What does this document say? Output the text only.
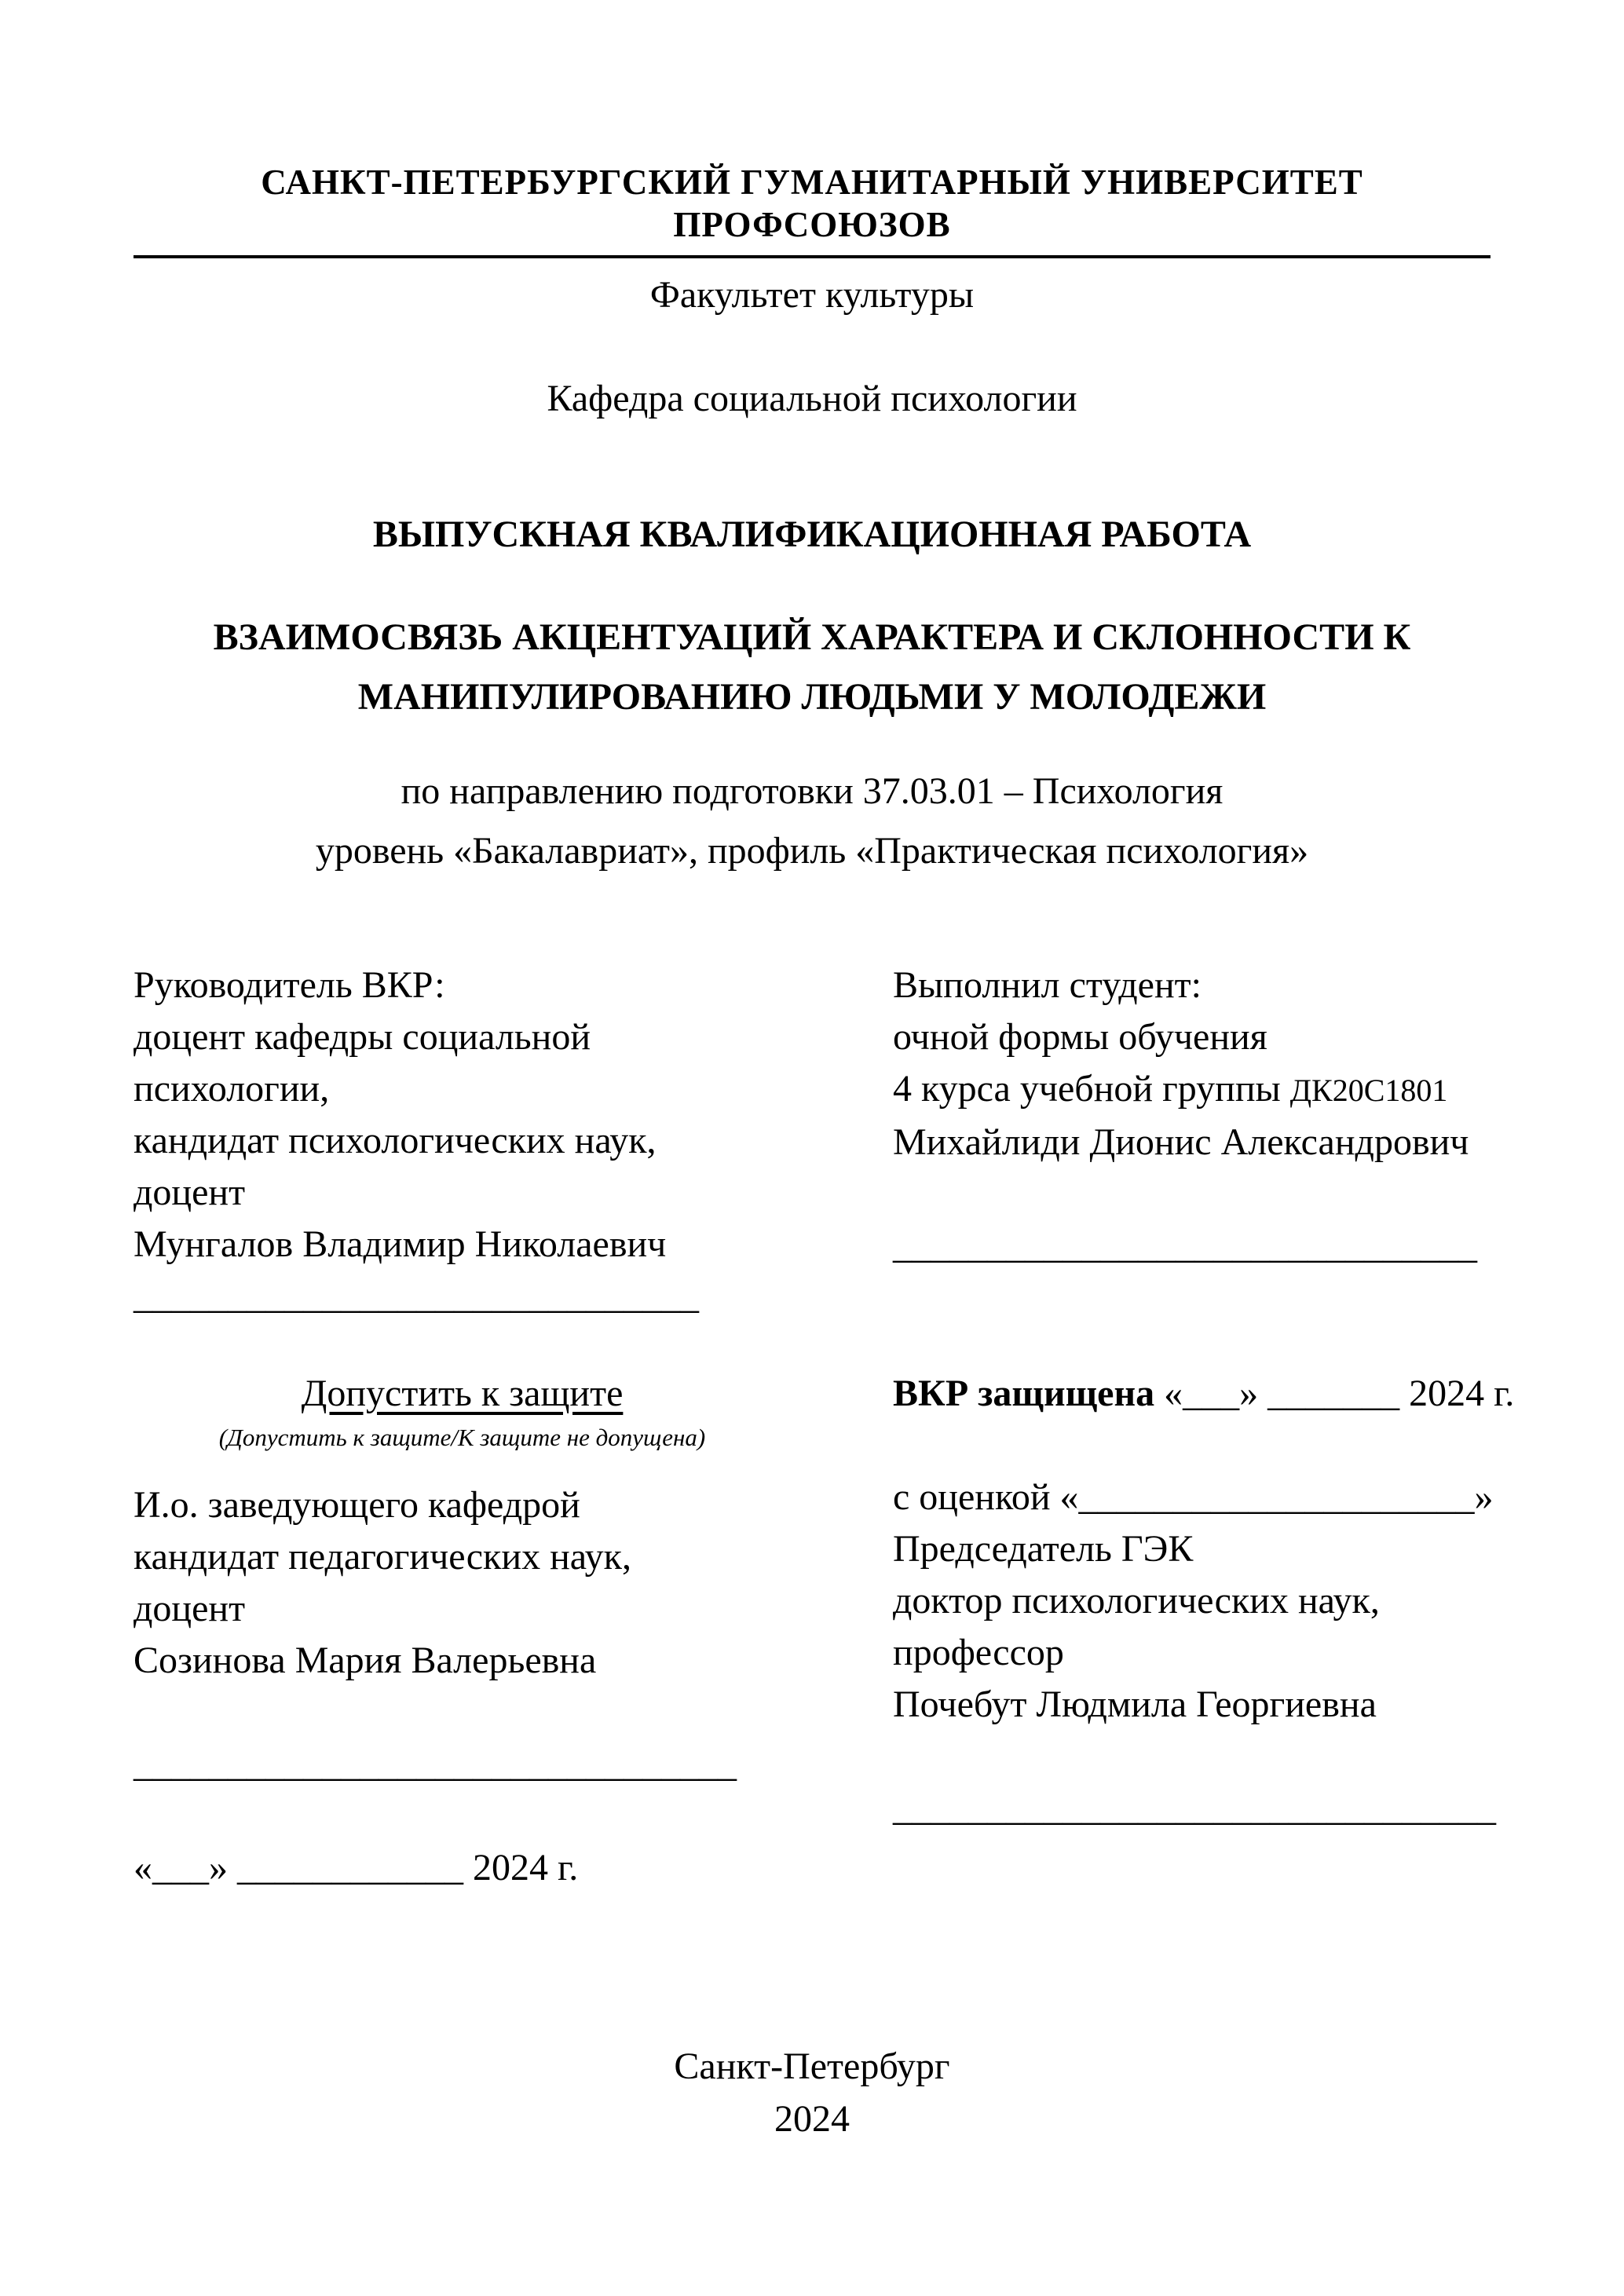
САНКТ-ПЕТЕРБУРГСКИЙ ГУМАНИТАРНЫЙ УНИВЕРСИТЕТ ПРОФСОЮЗОВ
Факультет культуры
Кафедра социальной психологии
ВЫПУСКНАЯ КВАЛИФИКАЦИОННАЯ РАБОТА
ВЗАИМОСВЯЗЬ АКЦЕНТУАЦИЙ ХАРАКТЕРА И СКЛОННОСТИ К
МАНИПУЛИРОВАНИЮ ЛЮДЬМИ У МОЛОДЕЖИ
по направлению подготовки 37.03.01 – Психология
уровень «Бакалавриат», профиль «Практическая психология»
Руководитель ВКР:
доцент кафедры социальной
психологии,
кандидат психологических наук,
доцент
Мунгалов Владимир Николаевич
______________________________
Выполнил студент:
очной формы обучения
4 курса учебной группы ДК20С1801
Михайлиди Дионис Александрович
_______________________________
Допустить к защите
(Допустить к защите/К защите не допущена)
И.о. заведующего кафедрой
кандидат педагогических наук,
доцент
Созинова Мария Валерьевна
________________________________
«___» ____________ 2024 г.
ВКР защищена «___» _______ 2024 г.
с оценкой «_____________________»
Председатель ГЭК
доктор психологических наук,
профессор
Почебут Людмила Георгиевна
________________________________
Санкт-Петербург
2024
